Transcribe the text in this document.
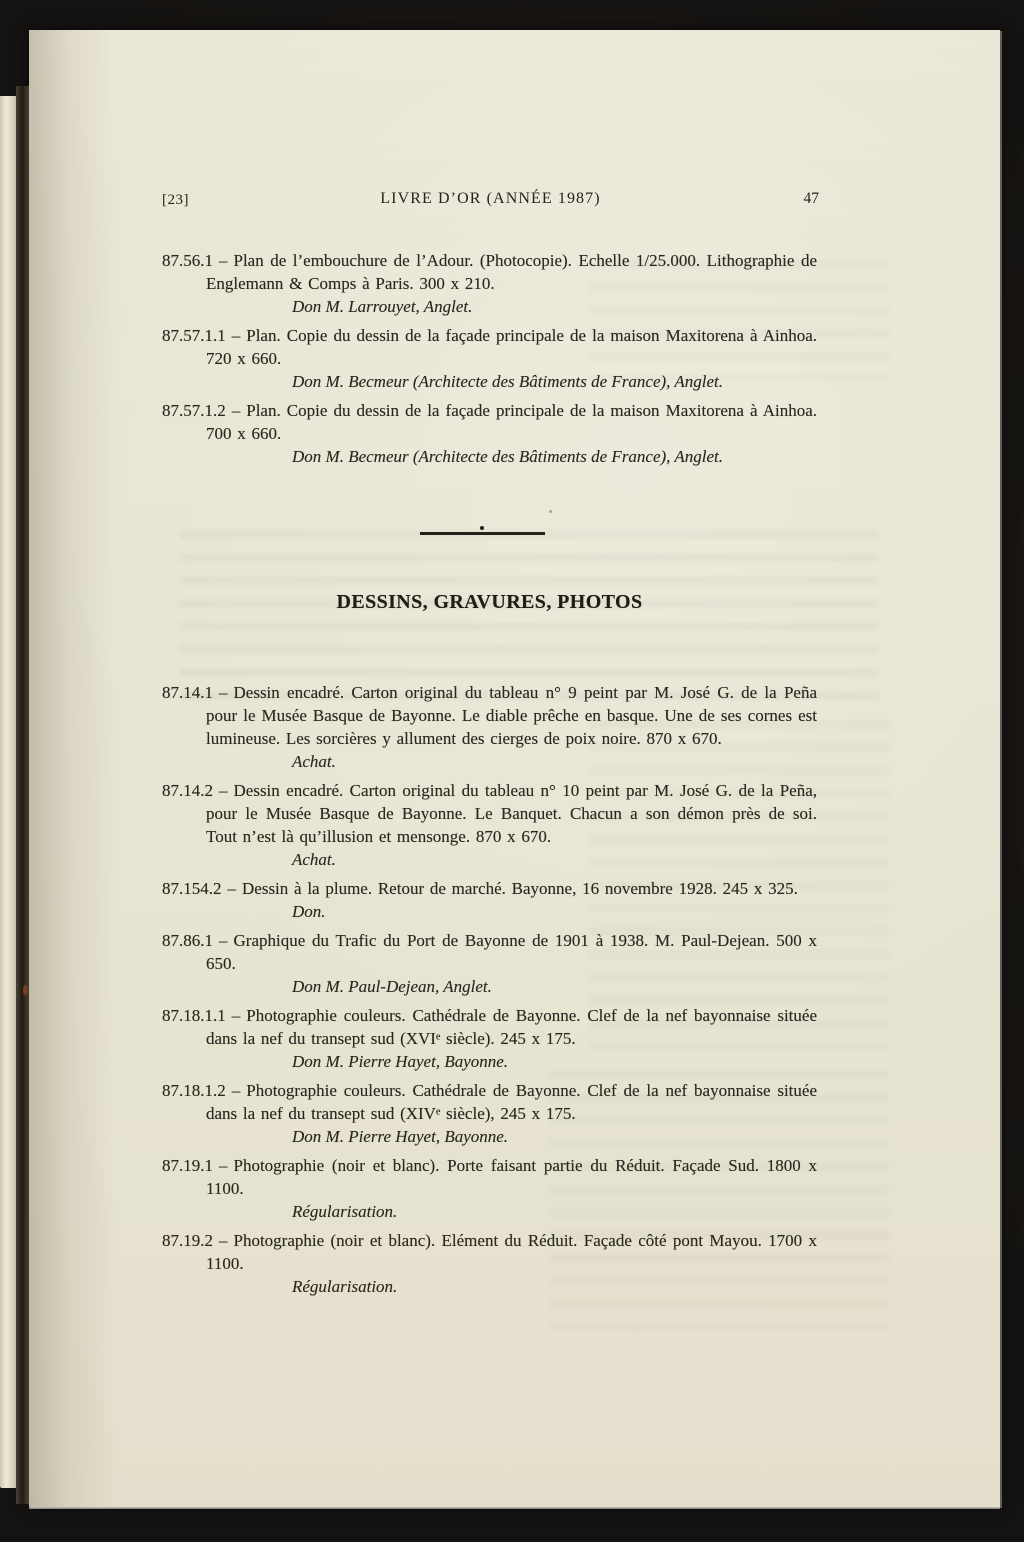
[23]	LIVRE D’OR (ANNÉE 1987)	47

87.56.1 – Plan de l’embouchure de l’Adour. (Photocopie). Echelle 1/25.000. Lithographie de Englemann & Comps à Paris. 300 x 210.

Don M. Larrouyet, Anglet.

87.57.1.1 – Plan. Copie du dessin de la façade principale de la maison Maxitorena à Ainhoa. 720 x 660.

Don M. Becmeur (Architecte des Bâtiments de France), Anglet.

87.57.1.2 – Plan. Copie du dessin de la façade principale de la maison Maxitorena à Ainhoa. 700 x 660.

Don M. Becmeur (Architecte des Bâtiments de France), Anglet.

DESSINS, GRAVURES, PHOTOS

87.14.1 – Dessin encadré. Carton original du tableau n° 9 peint par M. José G. de la Peña pour le Musée Basque de Bayonne. Le diable prêche en basque. Une de ses cornes est lumineuse. Les sorcières y allument des cierges de poix noire. 870 x 670.

Achat.

87.14.2 – Dessin encadré. Carton original du tableau n° 10 peint par M. José G. de la Peña, pour le Musée Basque de Bayonne. Le Banquet. Chacun a son démon près de soi. Tout n’est là qu’illusion et mensonge. 870 x 670.

Achat.

87.154.2 – Dessin à la plume. Retour de marché. Bayonne, 16 novembre 1928. 245 x 325.

Don.

87.86.1 – Graphique du Trafic du Port de Bayonne de 1901 à 1938. M. Paul-Dejean. 500 x 650.

Don M. Paul-Dejean, Anglet.

87.18.1.1 – Photographie couleurs. Cathédrale de Bayonne. Clef de la nef bayonnaise située dans la nef du transept sud (XVIᵉ siècle). 245 x 175.

Don M. Pierre Hayet, Bayonne.

87.18.1.2 – Photographie couleurs. Cathédrale de Bayonne. Clef de la nef bayonnaise située dans la nef du transept sud (XIVᵉ siècle), 245 x 175.

Don M. Pierre Hayet, Bayonne.

87.19.1 – Photographie (noir et blanc). Porte faisant partie du Réduit. Façade Sud. 1800 x 1100.

Régularisation.

87.19.2 – Photographie (noir et blanc). Elément du Réduit. Façade côté pont Mayou. 1700 x 1100.

Régularisation.
